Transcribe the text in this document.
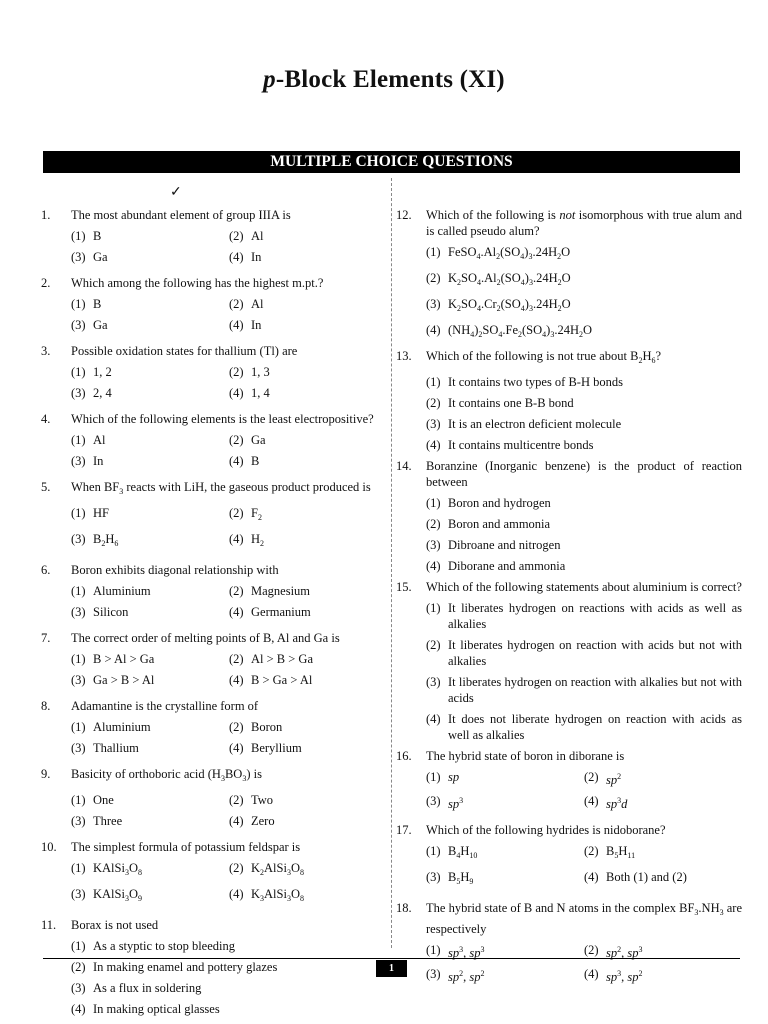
p-Block Elements (XI)
MULTIPLE CHOICE QUESTIONS
✓
1. The most abundant element of group IIIA is
(1) B	(2) Al
(3) Ga	(4) In
2. Which among the following has the highest m.pt.?
(1) B	(2) Al
(3) Ga	(4) In
3. Possible oxidation states for thallium (Tl) are
(1) 1, 2	(2) 1, 3
(3) 2, 4	(4) 1, 4
4. Which of the following elements is the least electropositive?
(1) Al	(2) Ga
(3) In	(4) B
5. When $BF_3$ reacts with LiH, the gaseous product produced is
(1) HF	(2) $F_2$
(3) $B_2H_6$	(4) $H_2$
6. Boron exhibits diagonal relationship with
(1) Aluminium	(2) Magnesium
(3) Silicon	(4) Germanium
7. The correct order of melting points of B, Al and Ga is
(1) B > Al > Ga	(2) Al > B > Ga
(3) Ga > B > Al	(4) B > Ga > Al
8. Adamantine is the crystalline form of
(1) Aluminium	(2) Boron
(3) Thallium	(4) Beryllium
9. Basicity of orthoboric acid $(H_3BO_3)$ is
(1) One	(2) Two
(3) Three	(4) Zero
10. The simplest formula of potassium feldspar is
(1) $KAlSi_3O_8$	(2) $K_2AlSi_3O_8$
(3) $KAlSi_3O_9$	(4) $K_3AlSi_3O_8$
11. Borax is not used
(1) As a styptic to stop bleeding
(2) In making enamel and pottery glazes
(3) As a flux in soldering
(4) In making optical glasses
12. Which of the following is not isomorphous with true alum and is called pseudo alum?
(1) $FeSO_4.Al_2(SO_4)_3.24H_2O$
(2) $K_2SO_4.Al_2(SO_4)_3.24H_2O$
(3) $K_2SO_4.Cr_2(SO_4)_3.24H_2O$
(4) $(NH_4)_2SO_4.Fe_2(SO_4)_3.24H_2O$
13. Which of the following is not true about $B_2H_6$?
(1) It contains two types of B-H bonds
(2) It contains one B-B bond
(3) It is an electron deficient molecule
(4) It contains multicentre bonds
14. Boranzine (Inorganic benzene) is the product of reaction between
(1) Boron and hydrogen
(2) Boron and ammonia
(3) Dibroane and nitrogen
(4) Diborane and ammonia
15. Which of the following statements about aluminium is correct?
(1) It liberates hydrogen on reactions with acids as well as alkalies
(2) It liberates hydrogen on reaction with acids but not with alkalies
(3) It liberates hydrogen on reaction with alkalies but not with acids
(4) It does not liberate hydrogen on reaction with acids as well as alkalies
16. The hybrid state of boron in diborane is
(1) sp	(2) $sp^2$
(3) $sp^3$	(4) $sp^3d$
17. Which of the following hydrides is nidoborane?
(1) $B_4H_{10}$	(2) $B_5H_{11}$
(3) $B_5H_9$	(4) Both (1) and (2)
18. The hybrid state of B and N atoms in the complex $BF_3.NH_3$ are respectively
(1) $sp^3$, $sp^3$	(2) $sp^2$, $sp^3$
(3) $sp^2$, $sp^2$	(4) $sp^3$, $sp^2$
1
